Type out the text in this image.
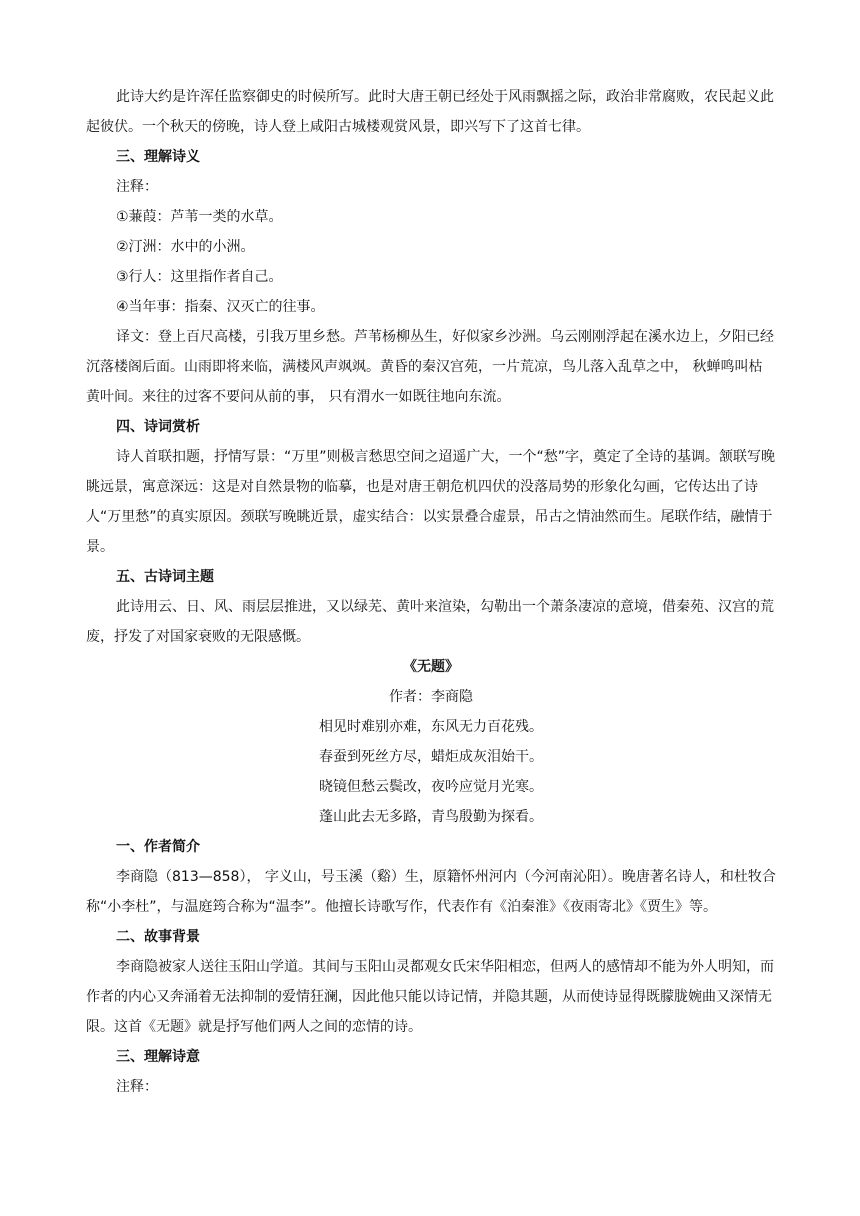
此诗大约是许浑任监察御史的时候所写。此时大唐王朝已经处于风雨飘摇之际，政治非常腐败，农民起义此起彼伏。一个秋天的傍晚，诗人登上咸阳古城楼观赏风景，即兴写下了这首七律。

三、理解诗义

注释：

①蒹葭：芦苇一类的水草。

②汀洲：水中的小洲。

③行人：这里指作者自己。

④当年事：指秦、汉灭亡的往事。

译文：登上百尺高楼，引我万里乡愁。芦苇杨柳丛生，好似家乡沙洲。乌云刚刚浮起在溪水边上，夕阳已经沉落楼阁后面。山雨即将来临，满楼风声飒飒。黄昏的秦汉宫苑，一片荒凉，鸟儿落入乱草之中， 秋蝉鸣叫枯黄叶间。来往的过客不要问从前的事， 只有渭水一如既往地向东流。

四、诗词赏析

诗人首联扣题，抒情写景：“万里”则极言愁思空间之迢遥广大，一个“愁”字，奠定了全诗的基调。颔联写晚眺远景，寓意深远：这是对自然景物的临摹，也是对唐王朝危机四伏的没落局势的形象化勾画，它传达出了诗人“万里愁”的真实原因。颈联写晚眺近景，虚实结合：以实景叠合虚景，吊古之情油然而生。尾联作结，融情于景。

五、古诗词主题

此诗用云、日、风、雨层层推进，又以绿芜、黄叶来渲染，勾勒出一个萧条凄凉的意境，借秦苑、汉宫的荒废，抒发了对国家衰败的无限感慨。

《无题》

作者：李商隐

相见时难别亦难，东风无力百花残。

春蚕到死丝方尽，蜡炬成灰泪始干。

晓镜但愁云鬓改，夜吟应觉月光寒。

蓬山此去无多路，青鸟殷勤为探看。

一、作者简介

李商隐（813—858）， 字义山，号玉溪（谿）生，原籍怀州河内（今河南沁阳）。晚唐著名诗人，和杜牧合称“小李杜”，与温庭筠合称为“温李”。他擅长诗歌写作，代表作有《泊秦淮》《夜雨寄北》《贾生》等。

二、故事背景

李商隐被家人送往玉阳山学道。其间与玉阳山灵都观女氏宋华阳相恋，但两人的感情却不能为外人明知，而作者的内心又奔涌着无法抑制的爱情狂澜，因此他只能以诗记情，并隐其题，从而使诗显得既朦胧婉曲又深情无限。这首《无题》就是抒写他们两人之间的恋情的诗。

三、理解诗意

注释：
